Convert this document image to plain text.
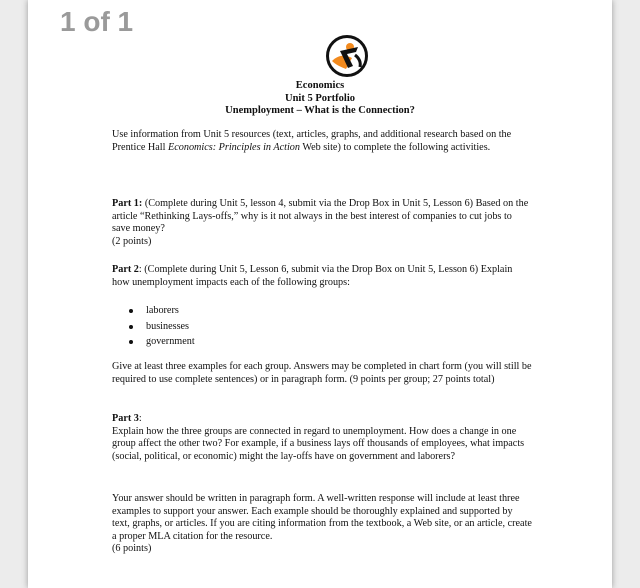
1 of 1
Economics
Unit 5 Portfolio
Unemployment – What is the Connection?

Use information from Unit 5 resources (text, articles, graphs, and additional research based on the Prentice Hall Economics: Principles in Action Web site) to complete the following activities.

Part 1: (Complete during Unit 5, lesson 4, submit via the Drop Box in Unit 5, Lesson 6) Based on the article “Rethinking Lays-offs,” why is it not always in the best interest of companies to cut jobs to save money?

(2 points)

Part 2: (Complete during Unit 5, Lesson 6, submit via the Drop Box on Unit 5, Lesson 6) Explain how unemployment impacts each of the following groups:

laborers
businesses
government

Give at least three examples for each group. Answers may be completed in chart form (you will still be required to use complete sentences) or in paragraph form. (9 points per group; 27 points total)

Part 3:

Explain how the three groups are connected in regard to unemployment. How does a change in one group affect the other two? For example, if a business lays off thousands of employees, what impacts (social, political, or economic) might the lay-offs have on government and laborers?

Your answer should be written in paragraph form. A well-written response will include at least three examples to support your answer. Each example should be thoroughly explained and supported by text, graphs, or articles. If you are citing information from the textbook, a Web site, or an article, create a proper MLA citation for the resource.

(6 points)
